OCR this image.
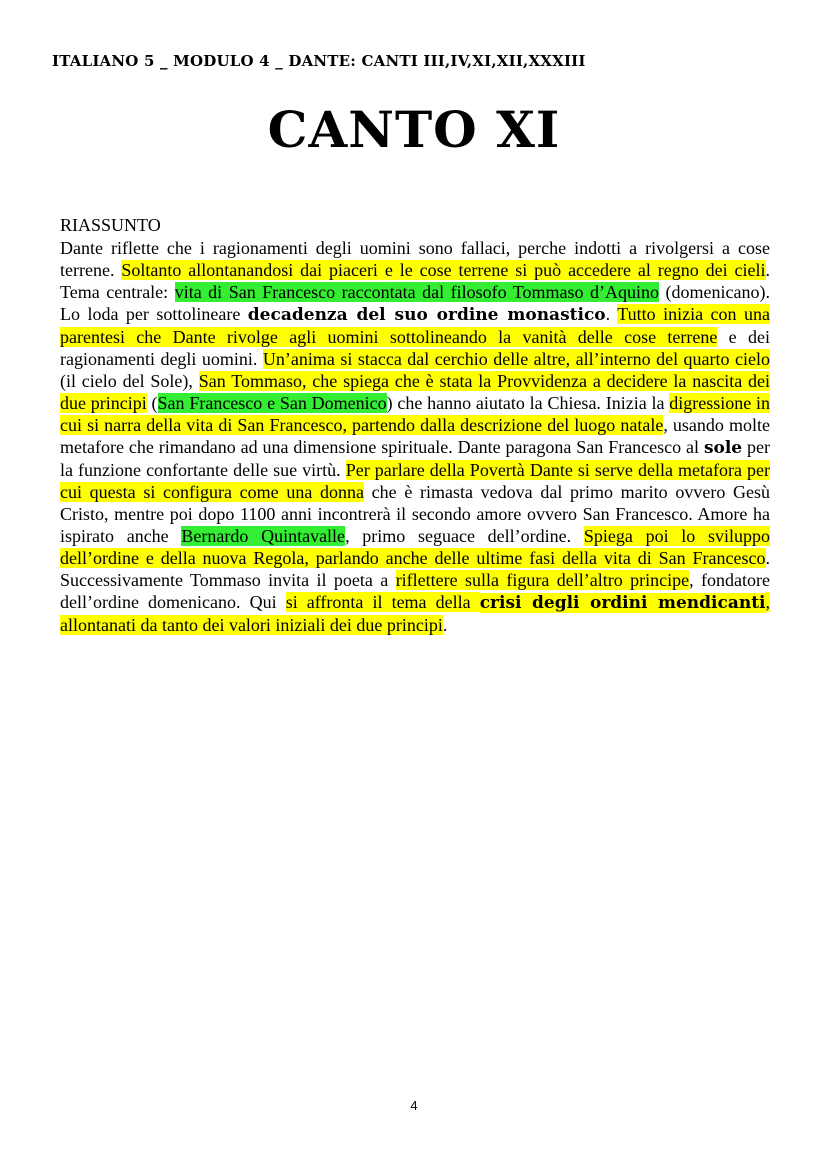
ITALIANO 5 _ MODULO 4 _ DANTE: CANTI III,IV,XI,XII,XXXIII
CANTO XI
RIASSUNTO

Dante riflette che i ragionamenti degli uomini sono fallaci, perche indotti a rivolgersi a cose terrene. Soltanto allontanandosi dai piaceri e le cose terrene si può accedere al regno dei cieli. Tema centrale: vita di San Francesco raccontata dal filosofo Tommaso d’Aquino (domenicano). Lo loda per sottolineare decadenza del suo ordine monastico. Tutto inizia con una parentesi che Dante rivolge agli uomini sottolineando la vanità delle cose terrene e dei ragionamenti degli uomini. Un’anima si stacca dal cerchio delle altre, all’interno del quarto cielo (il cielo del Sole), San Tommaso, che spiega che è stata la Provvidenza a decidere la nascita dei due principi (San Francesco e San Domenico) che hanno aiutato la Chiesa. Inizia la digressione in cui si narra della vita di San Francesco, partendo dalla descrizione del luogo natale, usando molte metafore che rimandano ad una dimensione spirituale. Dante paragona San Francesco al sole per la funzione confortante delle sue virtù. Per parlare della Povertà Dante si serve della metafora per cui questa si configura come una donna che è rimasta vedova dal primo marito ovvero Gesù Cristo, mentre poi dopo 1100 anni incontrerà il secondo amore ovvero San Francesco. Amore ha ispirato anche Bernardo Quintavalle, primo seguace dell’ordine. Spiega poi lo sviluppo dell’ordine e della nuova Regola, parlando anche delle ultime fasi della vita di San Francesco. Successivamente Tommaso invita il poeta a riflettere sulla figura dell’altro principe, fondatore dell’ordine domenicano. Qui si affronta il tema della crisi degli ordini mendicanti, allontanati da tanto dei valori iniziali dei due principi.

4
